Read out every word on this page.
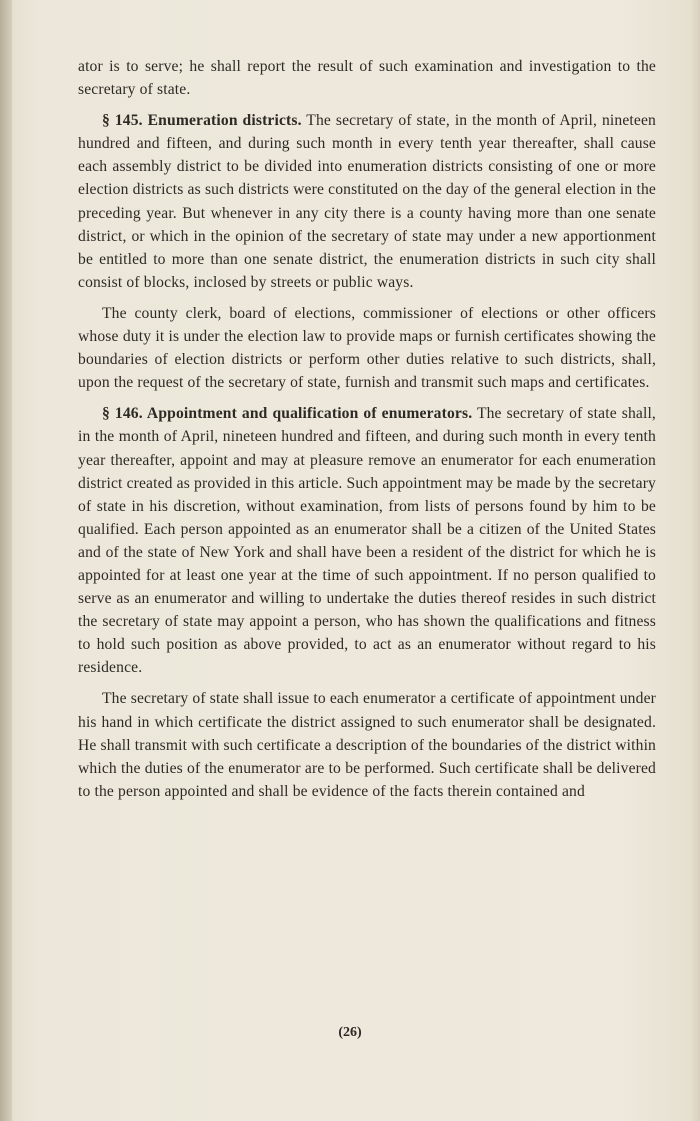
ator is to serve; he shall report the result of such examination and investigation to the secretary of state.

§ 145. Enumeration districts. The secretary of state, in the month of April, nineteen hundred and fifteen, and during such month in every tenth year thereafter, shall cause each assembly district to be divided into enumeration districts consisting of one or more election districts as such districts were constituted on the day of the general election in the preceding year. But whenever in any city there is a county having more than one senate district, or which in the opinion of the secretary of state may under a new apportionment be entitled to more than one senate district, the enumeration districts in such city shall consist of blocks, inclosed by streets or public ways.

The county clerk, board of elections, commissioner of elections or other officers whose duty it is under the election law to provide maps or furnish certificates showing the boundaries of election districts or perform other duties relative to such districts, shall, upon the request of the secretary of state, furnish and transmit such maps and certificates.

§ 146. Appointment and qualification of enumerators. The secretary of state shall, in the month of April, nineteen hundred and fifteen, and during such month in every tenth year thereafter, appoint and may at pleasure remove an enumerator for each enumeration district created as provided in this article. Such appointment may be made by the secretary of state in his discretion, without examination, from lists of persons found by him to be qualified. Each person appointed as an enumerator shall be a citizen of the United States and of the state of New York and shall have been a resident of the district for which he is appointed for at least one year at the time of such appointment. If no person qualified to serve as an enumerator and willing to undertake the duties thereof resides in such district the secretary of state may appoint a person, who has shown the qualifications and fitness to hold such position as above provided, to act as an enumerator without regard to his residence.

The secretary of state shall issue to each enumerator a certificate of appointment under his hand in which certificate the district assigned to such enumerator shall be designated. He shall transmit with such certificate a description of the boundaries of the district within which the duties of the enumerator are to be performed. Such certificate shall be delivered to the person appointed and shall be evidence of the facts therein contained and

(26)
